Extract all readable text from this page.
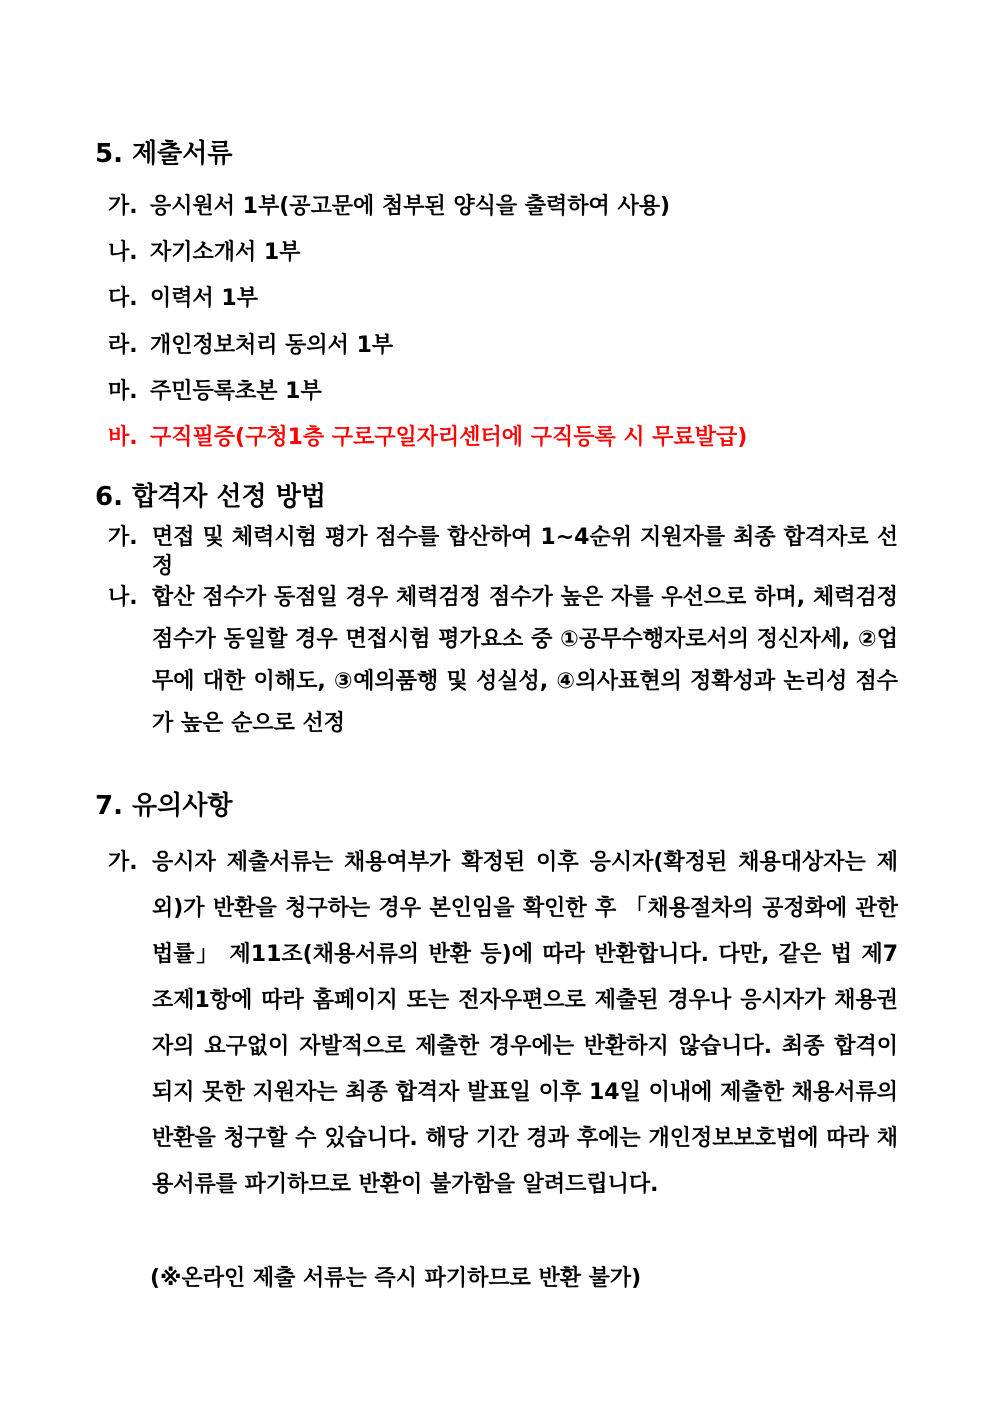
5. 제출서류
가. 응시원서 1부(공고문에 첨부된 양식을 출력하여 사용)
나. 자기소개서 1부
다. 이력서 1부
라. 개인정보처리 동의서 1부
마. 주민등록초본 1부
바. 구직필증(구청1층 구로구일자리센터에 구직등록 시 무료발급)
6. 합격자 선정 방법
가. 면접 및 체력시험 평가 점수를 합산하여 1~4순위 지원자를 최종 합격자로 선정
나. 합산 점수가 동점일 경우 체력검정 점수가 높은 자를 우선으로 하며, 체력검정 점수가 동일할 경우 면접시험 평가요소 중 ①공무수행자로서의 정신자세, ②업무에 대한 이해도, ③예의품행 및 성실성, ④의사표현의 정확성과 논리성 점수가 높은 순으로 선정
7. 유의사항
가. 응시자 제출서류는 채용여부가 확정된 이후 응시자(확정된 채용대상자는 제외)가 반환을 청구하는 경우 본인임을 확인한 후 「채용절차의 공정화에 관한 법률」 제11조(채용서류의 반환 등)에 따라 반환합니다. 다만, 같은 법 제7조제1항에 따라 홈페이지 또는 전자우편으로 제출된 경우나 응시자가 채용권자의 요구없이 자발적으로 제출한 경우에는 반환하지 않습니다. 최종 합격이 되지 못한 지원자는 최종 합격자 발표일 이후 14일 이내에 제출한 채용서류의 반환을 청구할 수 있습니다. 해당 기간 경과 후에는 개인정보보호법에 따라 채용서류를 파기하므로 반환이 불가함을 알려드립니다.
(※온라인 제출 서류는 즉시 파기하므로 반환 불가)
